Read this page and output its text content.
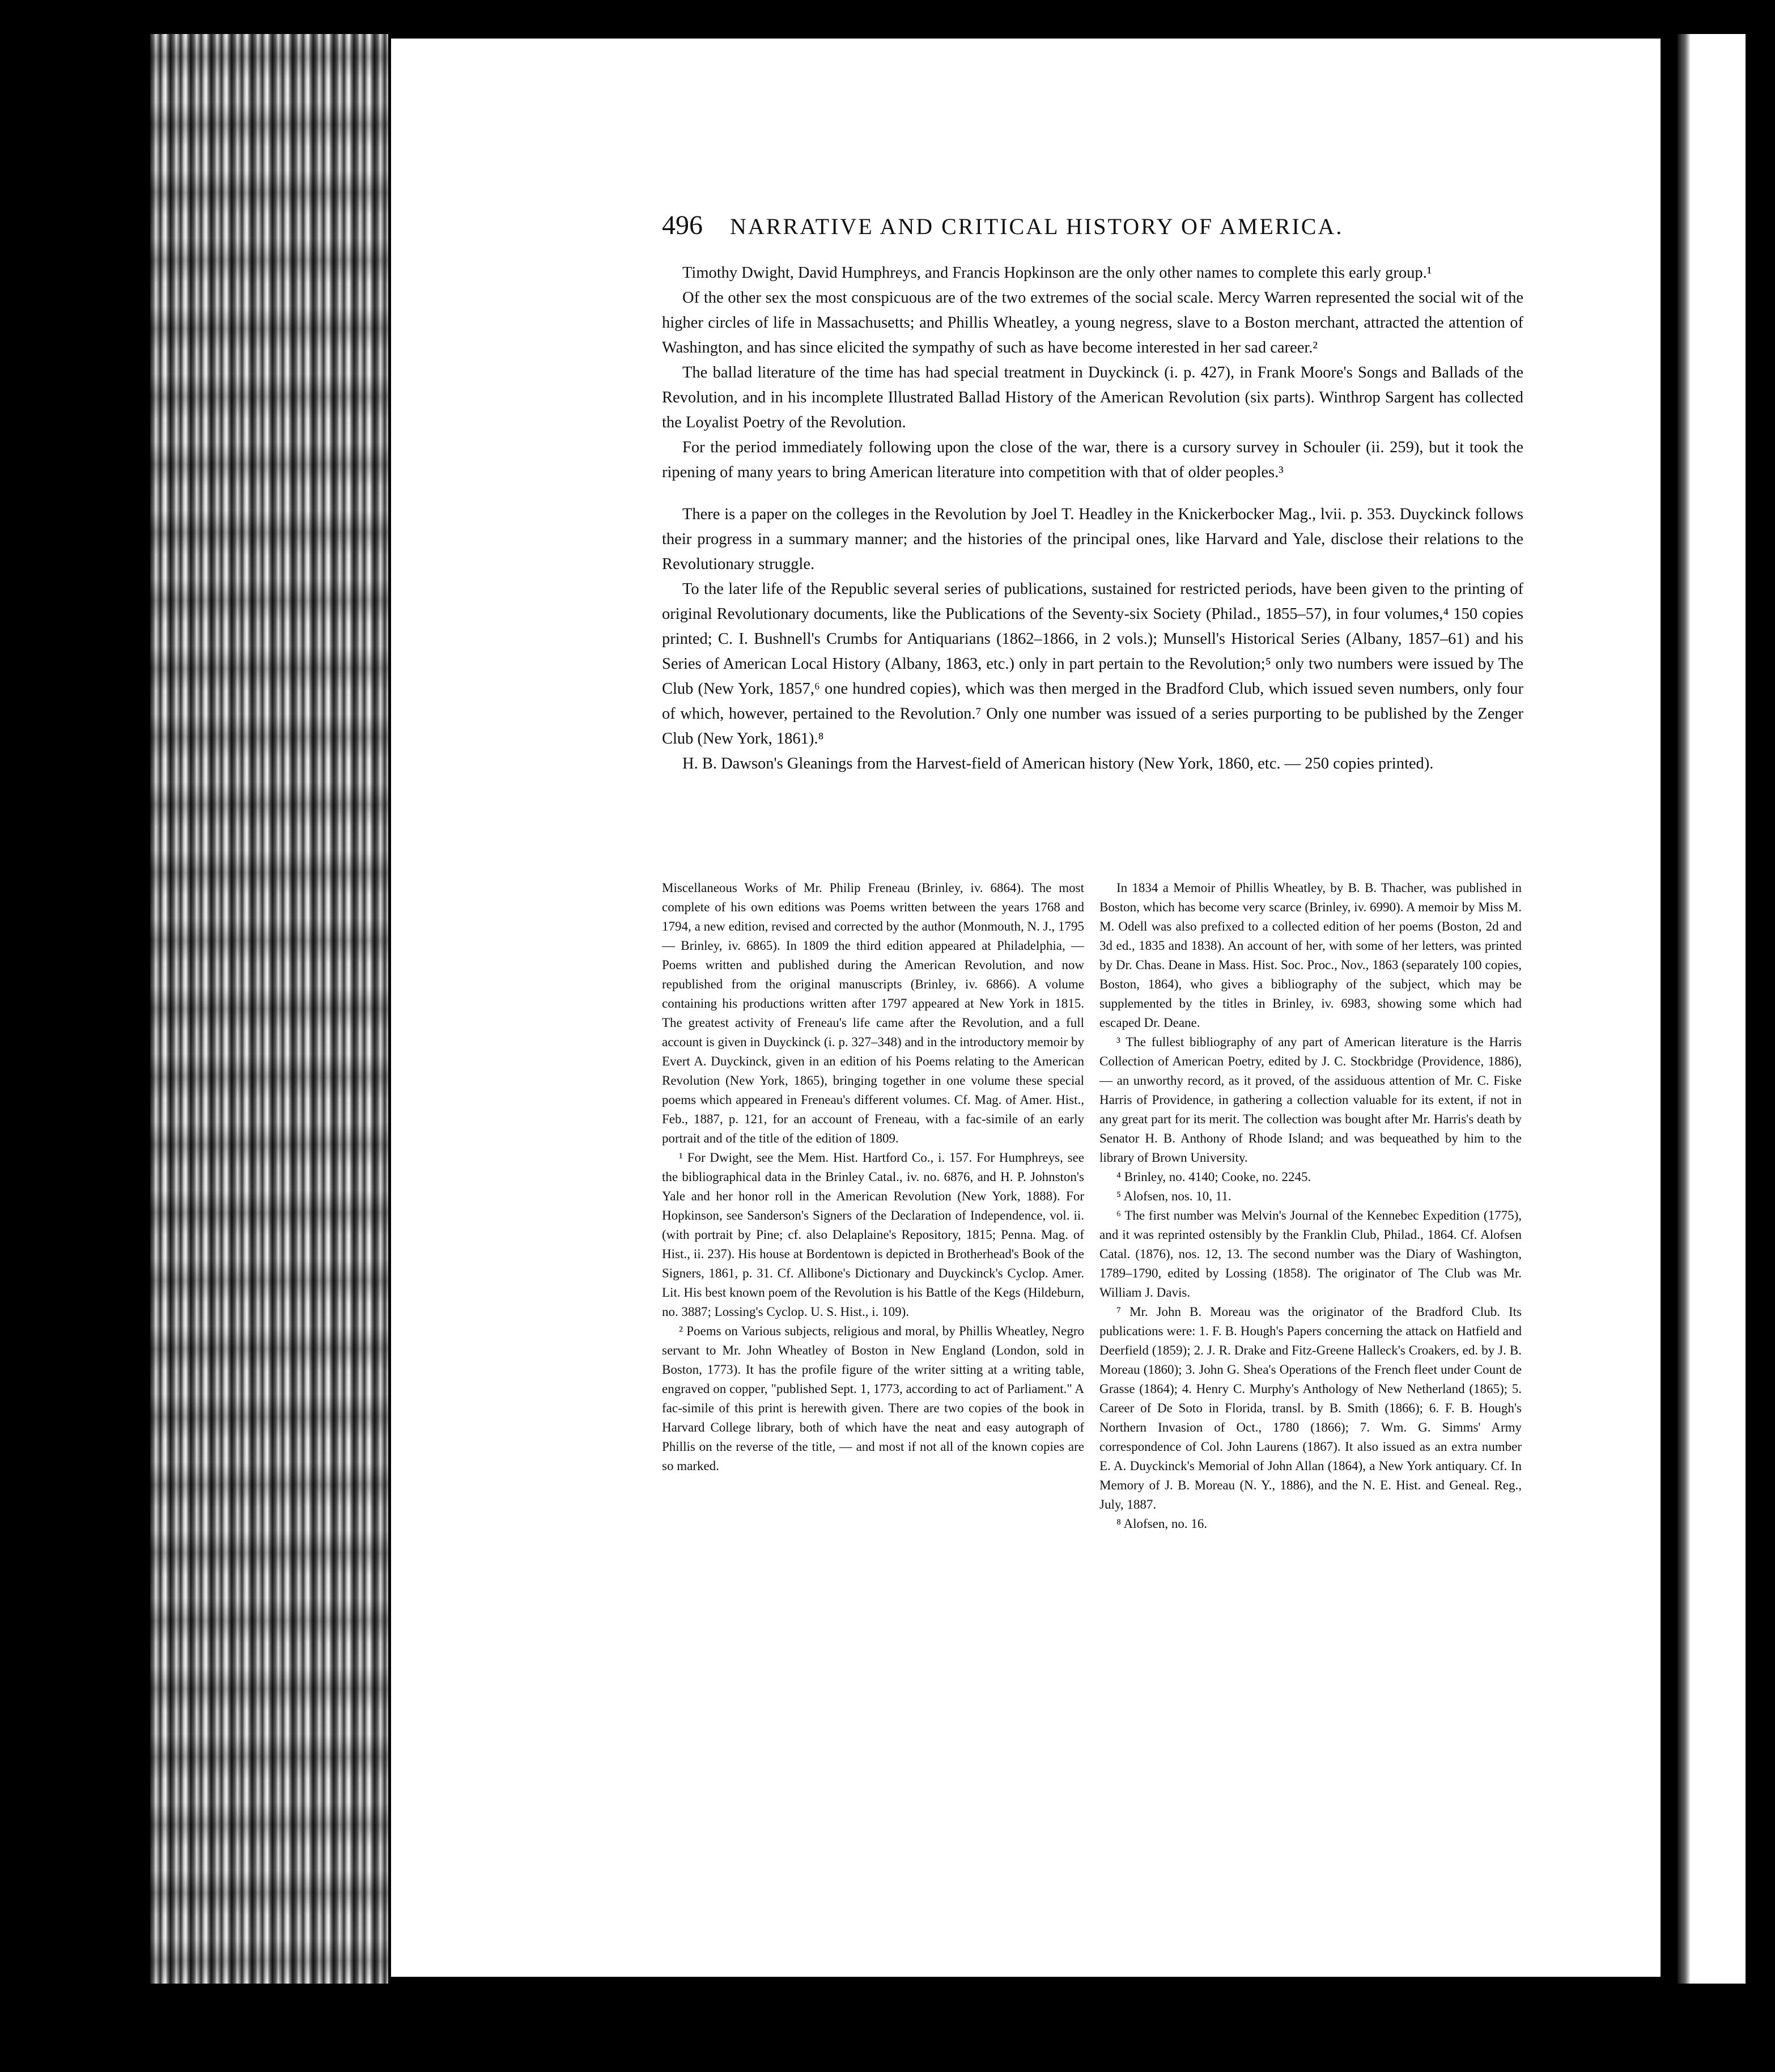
496 NARRATIVE AND CRITICAL HISTORY OF AMERICA.

Timothy Dwight, David Humphreys, and Francis Hopkinson are the only other names to complete this early group.¹

Of the other sex the most conspicuous are of the two extremes of the social scale. Mercy Warren represented the social wit of the higher circles of life in Massachusetts; and Phillis Wheatley, a young negress, slave to a Boston merchant, attracted the attention of Washington, and has since elicited the sympathy of such as have become interested in her sad career.²

The ballad literature of the time has had special treatment in Duyckinck (i. p. 427), in Frank Moore's Songs and Ballads of the Revolution, and in his incomplete Illustrated Ballad History of the American Revolution (six parts). Winthrop Sargent has collected the Loyalist Poetry of the Revolution.

For the period immediately following upon the close of the war, there is a cursory survey in Schouler (ii. 259), but it took the ripening of many years to bring American literature into competition with that of older peoples.³

There is a paper on the colleges in the Revolution by Joel T. Headley in the Knickerbocker Mag., lvii. p. 353. Duyckinck follows their progress in a summary manner; and the histories of the principal ones, like Harvard and Yale, disclose their relations to the Revolutionary struggle.

To the later life of the Republic several series of publications, sustained for restricted periods, have been given to the printing of original Revolutionary documents, like the Publications of the Seventy-six Society (Philad., 1855–57), in four volumes,⁴ 150 copies printed; C. I. Bushnell's Crumbs for Antiquarians (1862–1866, in 2 vols.); Munsell's Historical Series (Albany, 1857–61) and his Series of American Local History (Albany, 1863, etc.) only in part pertain to the Revolution;⁵ only two numbers were issued by The Club (New York, 1857,⁶ one hundred copies), which was then merged in the Bradford Club, which issued seven numbers, only four of which, however, pertained to the Revolution.⁷ Only one number was issued of a series purporting to be published by the Zenger Club (New York, 1861).⁸

H. B. Dawson's Gleanings from the Harvest-field of American history (New York, 1860, etc. — 250 copies printed).

Miscellaneous Works of Mr. Philip Freneau (Brinley, iv. 6864). The most complete of his own editions was Poems written between the years 1768 and 1794, a new edition, revised and corrected by the author (Monmouth, N. J., 1795 — Brinley, iv. 6865). In 1809 the third edition appeared at Philadelphia, — Poems written and published during the American Revolution, and now republished from the original manuscripts (Brinley, iv. 6866). A volume containing his productions written after 1797 appeared at New York in 1815. The greatest activity of Freneau's life came after the Revolution, and a full account is given in Duyckinck (i. p. 327–348) and in the introductory memoir by Evert A. Duyckinck, given in an edition of his Poems relating to the American Revolution (New York, 1865), bringing together in one volume these special poems which appeared in Freneau's different volumes. Cf. Mag. of Amer. Hist., Feb., 1887, p. 121, for an account of Freneau, with a fac-simile of an early portrait and of the title of the edition of 1809.

¹ For Dwight, see the Mem. Hist. Hartford Co., i. 157. For Humphreys, see the bibliographical data in the Brinley Catal., iv. no. 6876, and H. P. Johnston's Yale and her honor roll in the American Revolution (New York, 1888). For Hopkinson, see Sanderson's Signers of the Declaration of Independence, vol. ii. (with portrait by Pine; cf. also Delaplaine's Repository, 1815; Penna. Mag. of Hist., ii. 237). His house at Bordentown is depicted in Brotherhead's Book of the Signers, 1861, p. 31. Cf. Allibone's Dictionary and Duyckinck's Cyclop. Amer. Lit. His best known poem of the Revolution is his Battle of the Kegs (Hildeburn, no. 3887; Lossing's Cyclop. U. S. Hist., i. 109).

² Poems on Various subjects, religious and moral, by Phillis Wheatley, Negro servant to Mr. John Wheatley of Boston in New England (London, sold in Boston, 1773). It has the profile figure of the writer sitting at a writing table, engraved on copper, "published Sept. 1, 1773, according to act of Parliament." A fac-simile of this print is herewith given. There are two copies of the book in Harvard College library, both of which have the neat and easy autograph of Phillis on the reverse of the title, — and most if not all of the known copies are so marked.

In 1834 a Memoir of Phillis Wheatley, by B. B. Thacher, was published in Boston, which has become very scarce (Brinley, iv. 6990). A memoir by Miss M. M. Odell was also prefixed to a collected edition of her poems (Boston, 2d and 3d ed., 1835 and 1838). An account of her, with some of her letters, was printed by Dr. Chas. Deane in Mass. Hist. Soc. Proc., Nov., 1863 (separately 100 copies, Boston, 1864), who gives a bibliography of the subject, which may be supplemented by the titles in Brinley, iv. 6983, showing some which had escaped Dr. Deane.

³ The fullest bibliography of any part of American literature is the Harris Collection of American Poetry, edited by J. C. Stockbridge (Providence, 1886), — an unworthy record, as it proved, of the assiduous attention of Mr. C. Fiske Harris of Providence, in gathering a collection valuable for its extent, if not in any great part for its merit. The collection was bought after Mr. Harris's death by Senator H. B. Anthony of Rhode Island; and was bequeathed by him to the library of Brown University.

⁴ Brinley, no. 4140; Cooke, no. 2245.

⁵ Alofsen, nos. 10, 11.

⁶ The first number was Melvin's Journal of the Kennebec Expedition (1775), and it was reprinted ostensibly by the Franklin Club, Philad., 1864. Cf. Alofsen Catal. (1876), nos. 12, 13. The second number was the Diary of Washington, 1789–1790, edited by Lossing (1858). The originator of The Club was Mr. William J. Davis.

⁷ Mr. John B. Moreau was the originator of the Bradford Club. Its publications were: 1. F. B. Hough's Papers concerning the attack on Hatfield and Deerfield (1859); 2. J. R. Drake and Fitz-Greene Halleck's Croakers, ed. by J. B. Moreau (1860); 3. John G. Shea's Operations of the French fleet under Count de Grasse (1864); 4. Henry C. Murphy's Anthology of New Netherland (1865); 5. Career of De Soto in Florida, transl. by B. Smith (1866); 6. F. B. Hough's Northern Invasion of Oct., 1780 (1866); 7. Wm. G. Simms' Army correspondence of Col. John Laurens (1867). It also issued as an extra number E. A. Duyckinck's Memorial of John Allan (1864), a New York antiquary. Cf. In Memory of J. B. Moreau (N. Y., 1886), and the N. E. Hist. and Geneal. Reg., July, 1887.

⁸ Alofsen, no. 16.
